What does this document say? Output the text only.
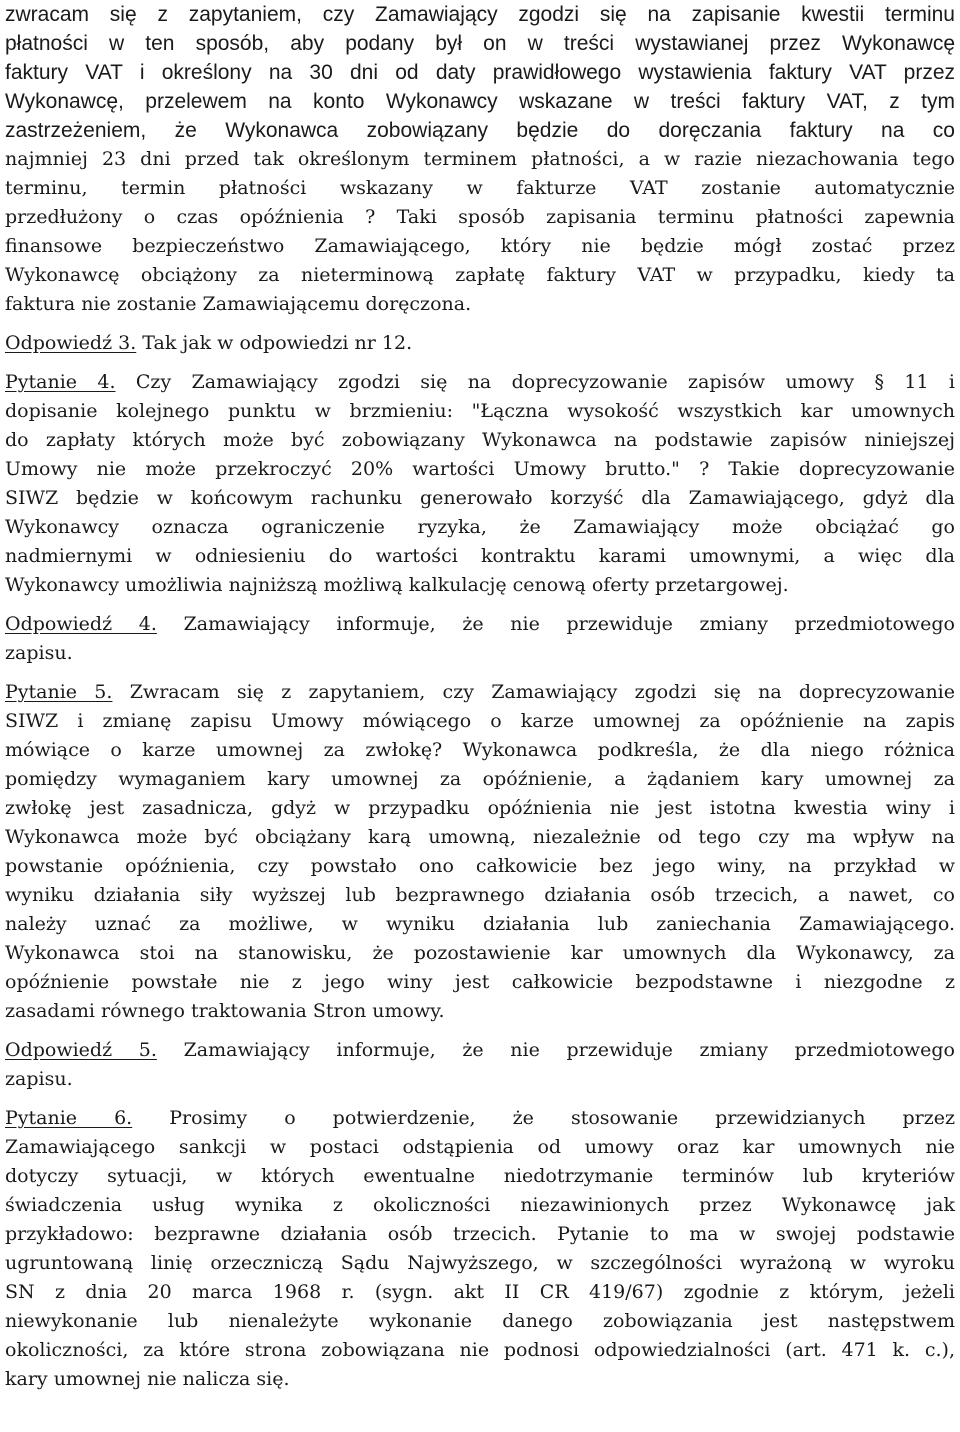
zwracam się z zapytaniem, czy Zamawiający zgodzi się na zapisanie kwestii terminu
płatności w ten sposób, aby podany był on w treści wystawianej przez Wykonawcę
faktury VAT i określony na 30 dni od daty prawidłowego wystawienia faktury VAT przez
Wykonawcę, przelewem na konto Wykonawcy wskazane w treści faktury VAT, z tym
zastrzeżeniem, że Wykonawca zobowiązany będzie do doręczania faktury na co
najmniej 23 dni przed tak określonym terminem płatności, a w razie niezachowania tego
terminu, termin płatności wskazany w fakturze VAT zostanie automatycznie
przedłużony o czas opóźnienia ? Taki sposób zapisania terminu płatności zapewnia
finansowe bezpieczeństwo Zamawiającego, który nie będzie mógł zostać przez
Wykonawcę obciążony za nieterminową zapłatę faktury VAT w przypadku, kiedy ta
faktura nie zostanie Zamawiającemu doręczona.
Odpowiedź 3. Tak jak w odpowiedzi nr 12.
Pytanie 4. Czy Zamawiający zgodzi się na doprecyzowanie zapisów umowy § 11 i
dopisanie kolejnego punktu w brzmieniu: "Łączna wysokość wszystkich kar umownych
do zapłaty których może być zobowiązany Wykonawca na podstawie zapisów niniejszej
Umowy nie może przekroczyć 20% wartości Umowy brutto." ? Takie doprecyzowanie
SIWZ będzie w końcowym rachunku generowało korzyść dla Zamawiającego, gdyż dla
Wykonawcy oznacza ograniczenie ryzyka, że Zamawiający może obciążać go
nadmiernymi w odniesieniu do wartości kontraktu karami umownymi, a więc dla
Wykonawcy umożliwia najniższą możliwą kalkulację cenową oferty przetargowej.
Odpowiedź 4. Zamawiający informuje, że nie przewiduje zmiany przedmiotowego
zapisu.
Pytanie 5. Zwracam się z zapytaniem, czy Zamawiający zgodzi się na doprecyzowanie
SIWZ i zmianę zapisu Umowy mówiącego o karze umownej za opóźnienie na zapis
mówiące o karze umownej za zwłokę? Wykonawca podkreśla, że dla niego różnica
pomiędzy wymaganiem kary umownej za opóźnienie, a żądaniem kary umownej za
zwłokę jest zasadnicza, gdyż w przypadku opóźnienia nie jest istotna kwestia winy i
Wykonawca może być obciążany karą umowną, niezależnie od tego czy ma wpływ na
powstanie opóźnienia, czy powstało ono całkowicie bez jego winy, na przykład w
wyniku działania siły wyższej lub bezprawnego działania osób trzecich, a nawet, co
należy uznać za możliwe, w wyniku działania lub zaniechania Zamawiającego.
Wykonawca stoi na stanowisku, że pozostawienie kar umownych dla Wykonawcy, za
opóźnienie powstałe nie z jego winy jest całkowicie bezpodstawne i niezgodne z
zasadami równego traktowania Stron umowy.
Odpowiedź 5. Zamawiający informuje, że nie przewiduje zmiany przedmiotowego
zapisu.
Pytanie 6. Prosimy o potwierdzenie, że stosowanie przewidzianych przez
Zamawiającego sankcji w postaci odstąpienia od umowy oraz kar umownych nie
dotyczy sytuacji, w których ewentualne niedotrzymanie terminów lub kryteriów
świadczenia usług wynika z okoliczności niezawinionych przez Wykonawcę jak
przykładowo: bezprawne działania osób trzecich. Pytanie to ma w swojej podstawie
ugruntowaną linię orzeczniczą Sądu Najwyższego, w szczególności wyrażoną w wyroku
SN z dnia 20 marca 1968 r. (sygn. akt II CR 419/67) zgodnie z którym, jeżeli
niewykonanie lub nienależyte wykonanie danego zobowiązania jest następstwem
okoliczności, za które strona zobowiązana nie podnosi odpowiedzialności (art. 471 k. c.),
kary umownej nie nalicza się.
